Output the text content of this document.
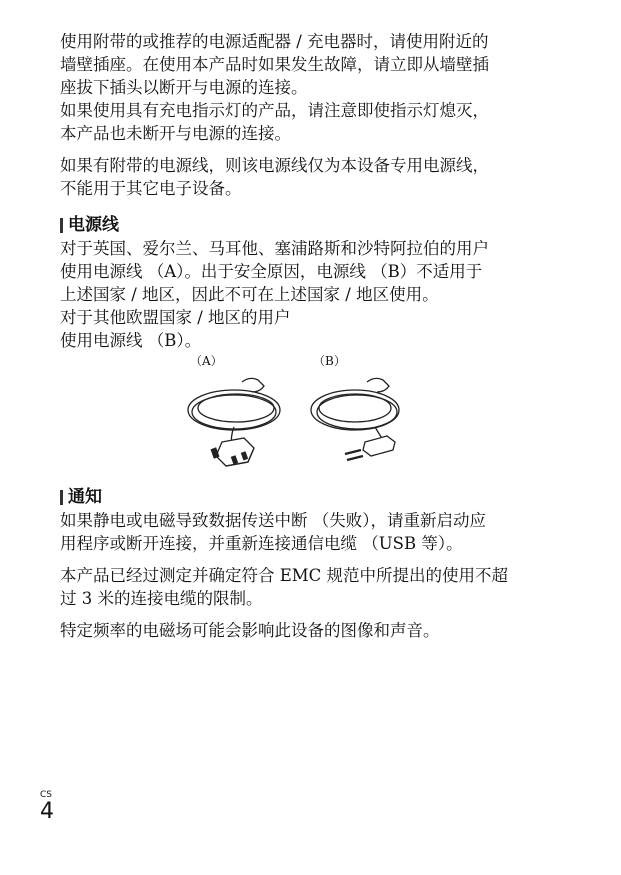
使用附带的或推荐的电源适配器 / 充电器时，请使用附近的
墙壁插座。在使用本产品时如果发生故障，请立即从墙壁插
座拔下插头以断开与电源的连接。

如果使用具有充电指示灯的产品，请注意即使指示灯熄灭，
本产品也未断开与电源的连接。

如果有附带的电源线，则该电源线仅为本设备专用电源线，
不能用于其它电子设备。

电源线

对于英国、爱尔兰、马耳他、塞浦路斯和沙特阿拉伯的用户
使用电源线 （A）。出于安全原因，电源线 （B）不适用于
上述国家 / 地区，因此不可在上述国家 / 地区使用。

对于其他欧盟国家 / 地区的用户
使用电源线 （B）。

（A）	（B）
通知

如果静电或电磁导致数据传送中断 （失败），请重新启动应
用程序或断开连接，并重新连接通信电缆 （USB 等）。

本产品已经过测定并确定符合 EMC 规范中所提出的使用不超
过 3 米的连接电缆的限制。

特定频率的电磁场可能会影响此设备的图像和声音。

CS
4
